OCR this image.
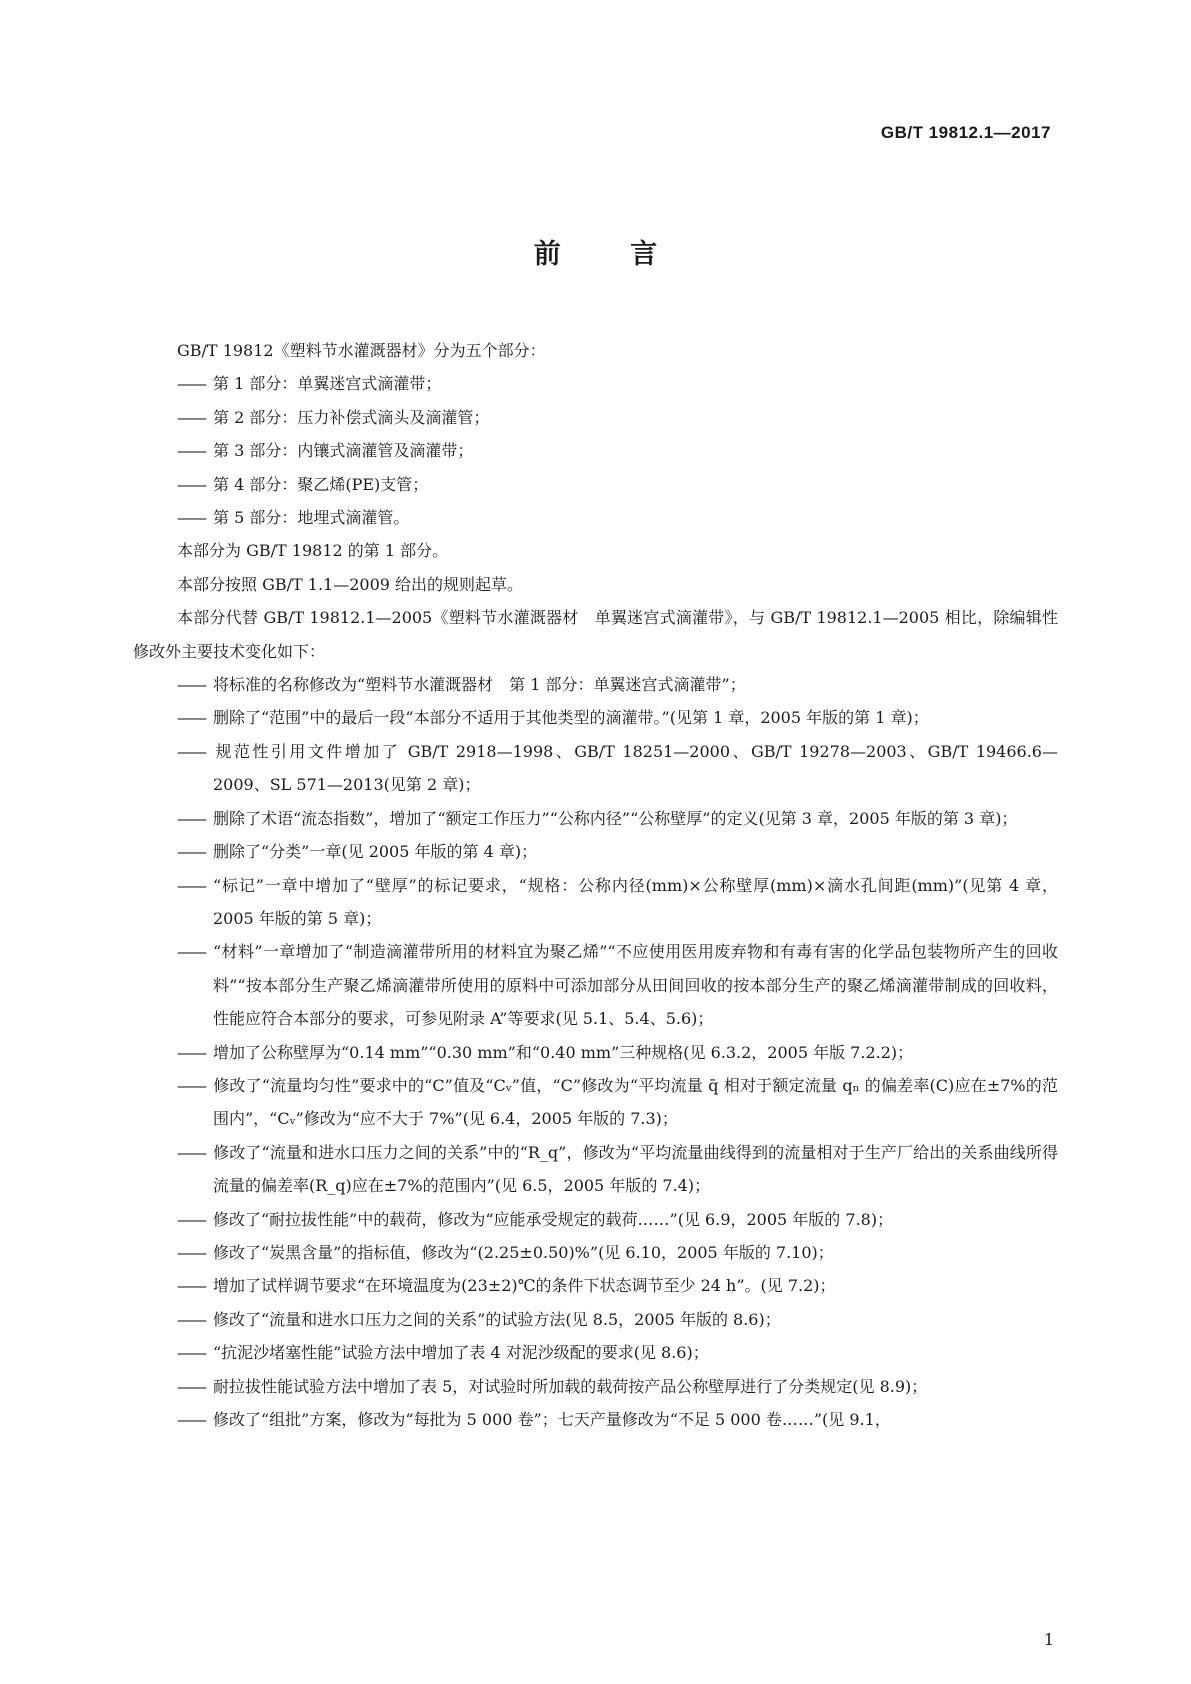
GB/T 19812.1—2017
前 言

GB/T 19812《塑料节水灌溉器材》分为五个部分：

—— 第 1 部分：单翼迷宫式滴灌带；

—— 第 2 部分：压力补偿式滴头及滴灌管；

—— 第 3 部分：内镶式滴灌管及滴灌带；

—— 第 4 部分：聚乙烯(PE)支管；

—— 第 5 部分：地埋式滴灌管。

本部分为 GB/T 19812 的第 1 部分。

本部分按照 GB/T 1.1—2009 给出的规则起草。

本部分代替 GB/T 19812.1—2005《塑料节水灌溉器材　单翼迷宫式滴灌带》，与 GB/T 19812.1—2005 相比，除编辑性修改外主要技术变化如下：

—— 将标准的名称修改为“塑料节水灌溉器材　第 1 部分：单翼迷宫式滴灌带”；

—— 删除了“范围”中的最后一段“本部分不适用于其他类型的滴灌带。”(见第 1 章，2005 年版的第 1 章)；

—— 规范性引用文件增加了 GB/T 2918—1998、GB/T 18251—2000、GB/T 19278—2003、GB/T 19466.6—2009、SL 571—2013(见第 2 章)；

—— 删除了术语“流态指数”，增加了“额定工作压力”“公称内径”“公称壁厚”的定义(见第 3 章，2005 年版的第 3 章)；

—— 删除了“分类”一章(见 2005 年版的第 4 章)；

—— “标记”一章中增加了“壁厚”的标记要求，“规格：公称内径(mm)×公称壁厚(mm)×滴水孔间距(mm)”(见第 4 章，2005 年版的第 5 章)；

—— “材料”一章增加了“制造滴灌带所用的材料宜为聚乙烯”“不应使用医用废弃物和有毒有害的化学品包装物所产生的回收料”“按本部分生产聚乙烯滴灌带所使用的原料中可添加部分从田间回收的按本部分生产的聚乙烯滴灌带制成的回收料，性能应符合本部分的要求，可参见附录 A”等要求(见 5.1、5.4、5.6)；

—— 增加了公称壁厚为“0.14 mm”“0.30 mm”和“0.40 mm”三种规格(见 6.3.2，2005 年版 7.2.2)；

—— 修改了“流量均匀性”要求中的“C”值及“Cᵥ”值，“C”修改为“平均流量 q̄ 相对于额定流量 qₙ 的偏差率(C)应在±7%的范围内”，“Cᵥ”修改为“应不大于 7%”(见 6.4，2005 年版的 7.3)；

—— 修改了“流量和进水口压力之间的关系”中的“R_q”，修改为“平均流量曲线得到的流量相对于生产厂给出的关系曲线所得流量的偏差率(R_q)应在±7%的范围内”(见 6.5，2005 年版的 7.4)；

—— 修改了“耐拉拔性能”中的载荷，修改为“应能承受规定的载荷……”(见 6.9，2005 年版的 7.8)；

—— 修改了“炭黑含量”的指标值，修改为“(2.25±0.50)%”(见 6.10，2005 年版的 7.10)；

—— 增加了试样调节要求“在环境温度为(23±2)℃的条件下状态调节至少 24 h”。(见 7.2)；

—— 修改了“流量和进水口压力之间的关系”的试验方法(见 8.5，2005 年版的 8.6)；

—— “抗泥沙堵塞性能”试验方法中增加了表 4 对泥沙级配的要求(见 8.6)；

—— 耐拉拔性能试验方法中增加了表 5，对试验时所加载的载荷按产品公称壁厚进行了分类规定(见 8.9)；

—— 修改了“组批”方案，修改为“每批为 5 000 卷”；七天产量修改为“不足 5 000 卷……”(见 9.1，

1
